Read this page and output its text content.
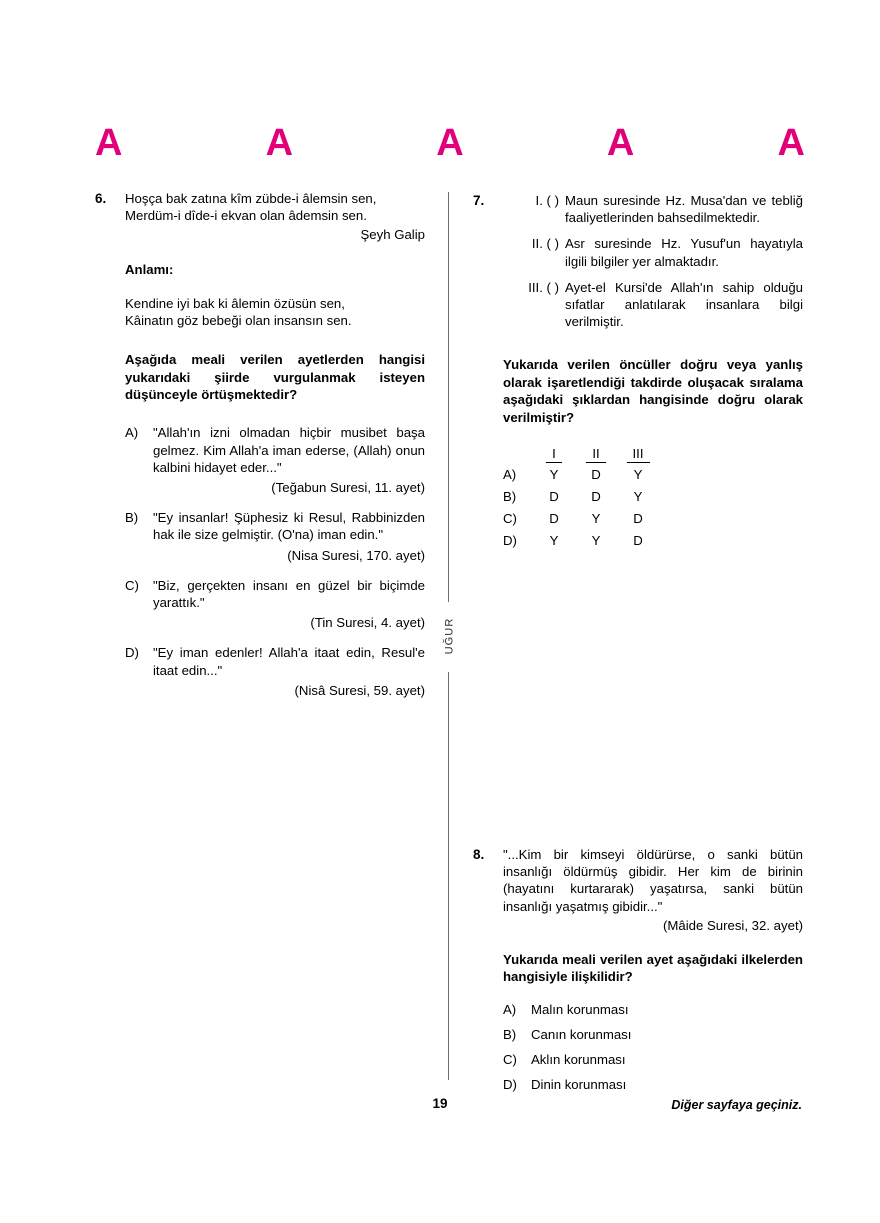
A	A	A	A	A
UĞUR
6.	Hoşça bak zatına kîm zübde-i âlemsin sen,
Merdüm-i dîde-i ekvan olan âdemsin sen.
Şeyh Galip
Anlamı:
Kendine iyi bak ki âlemin özüsün sen,
Kâinatın göz bebeği olan insansın sen.
Aşağıda meali verilen ayetlerden hangisi yukarıdaki şiirde vurgulanmak isteyen düşünceyle örtüşmektedir?
A)	"Allah'ın izni olmadan hiçbir musibet başa gelmez. Kim Allah'a iman ederse, (Allah) onun kalbini hidayet eder..."
(Teğabun Suresi, 11. ayet)
B)	"Ey insanlar! Şüphesiz ki Resul, Rabbinizden hak ile size gelmiştir. (O'na) iman edin."
(Nisa Suresi, 170. ayet)
C)	"Biz, gerçekten insanı en güzel bir biçimde yarattık."
(Tin Suresi, 4. ayet)
D)	"Ey iman edenler! Allah'a itaat edin, Resul'e itaat edin..."
(Nisâ Suresi, 59. ayet)
7.	I. ( ) Maun suresinde Hz. Musa'dan ve tebliğ faaliyetlerinden bahsedilmektedir.
II. ( ) Asr suresinde Hz. Yusuf'un hayatıyla ilgili bilgiler yer almaktadır.
III. ( ) Ayet-el Kursi'de Allah'ın sahip olduğu sıfatlar anlatılarak insanlara bilgi verilmiştir.
Yukarıda verilen öncüller doğru veya yanlış olarak işaretlendiği takdirde oluşacak sıralama aşağıdaki şıklardan hangisinde doğru olarak verilmiştir?
	I	II	III
A)	Y	D	Y
B)	D	D	Y
C)	D	Y	D
D)	Y	Y	D
8.	"...Kim bir kimseyi öldürürse, o sanki bütün insanlığı öldürmüş gibidir. Her kim de birinin (hayatını kurtararak) yaşatırsa, sanki bütün insanlığı yaşatmış gibidir..."
(Mâide Suresi, 32. ayet)
Yukarıda meali verilen ayet aşağıdaki ilkelerden hangisiyle ilişkilidir?
A)	Malın korunması
B)	Canın korunması
C)	Aklın korunması
D)	Dinin korunması
19	Diğer sayfaya geçiniz.
